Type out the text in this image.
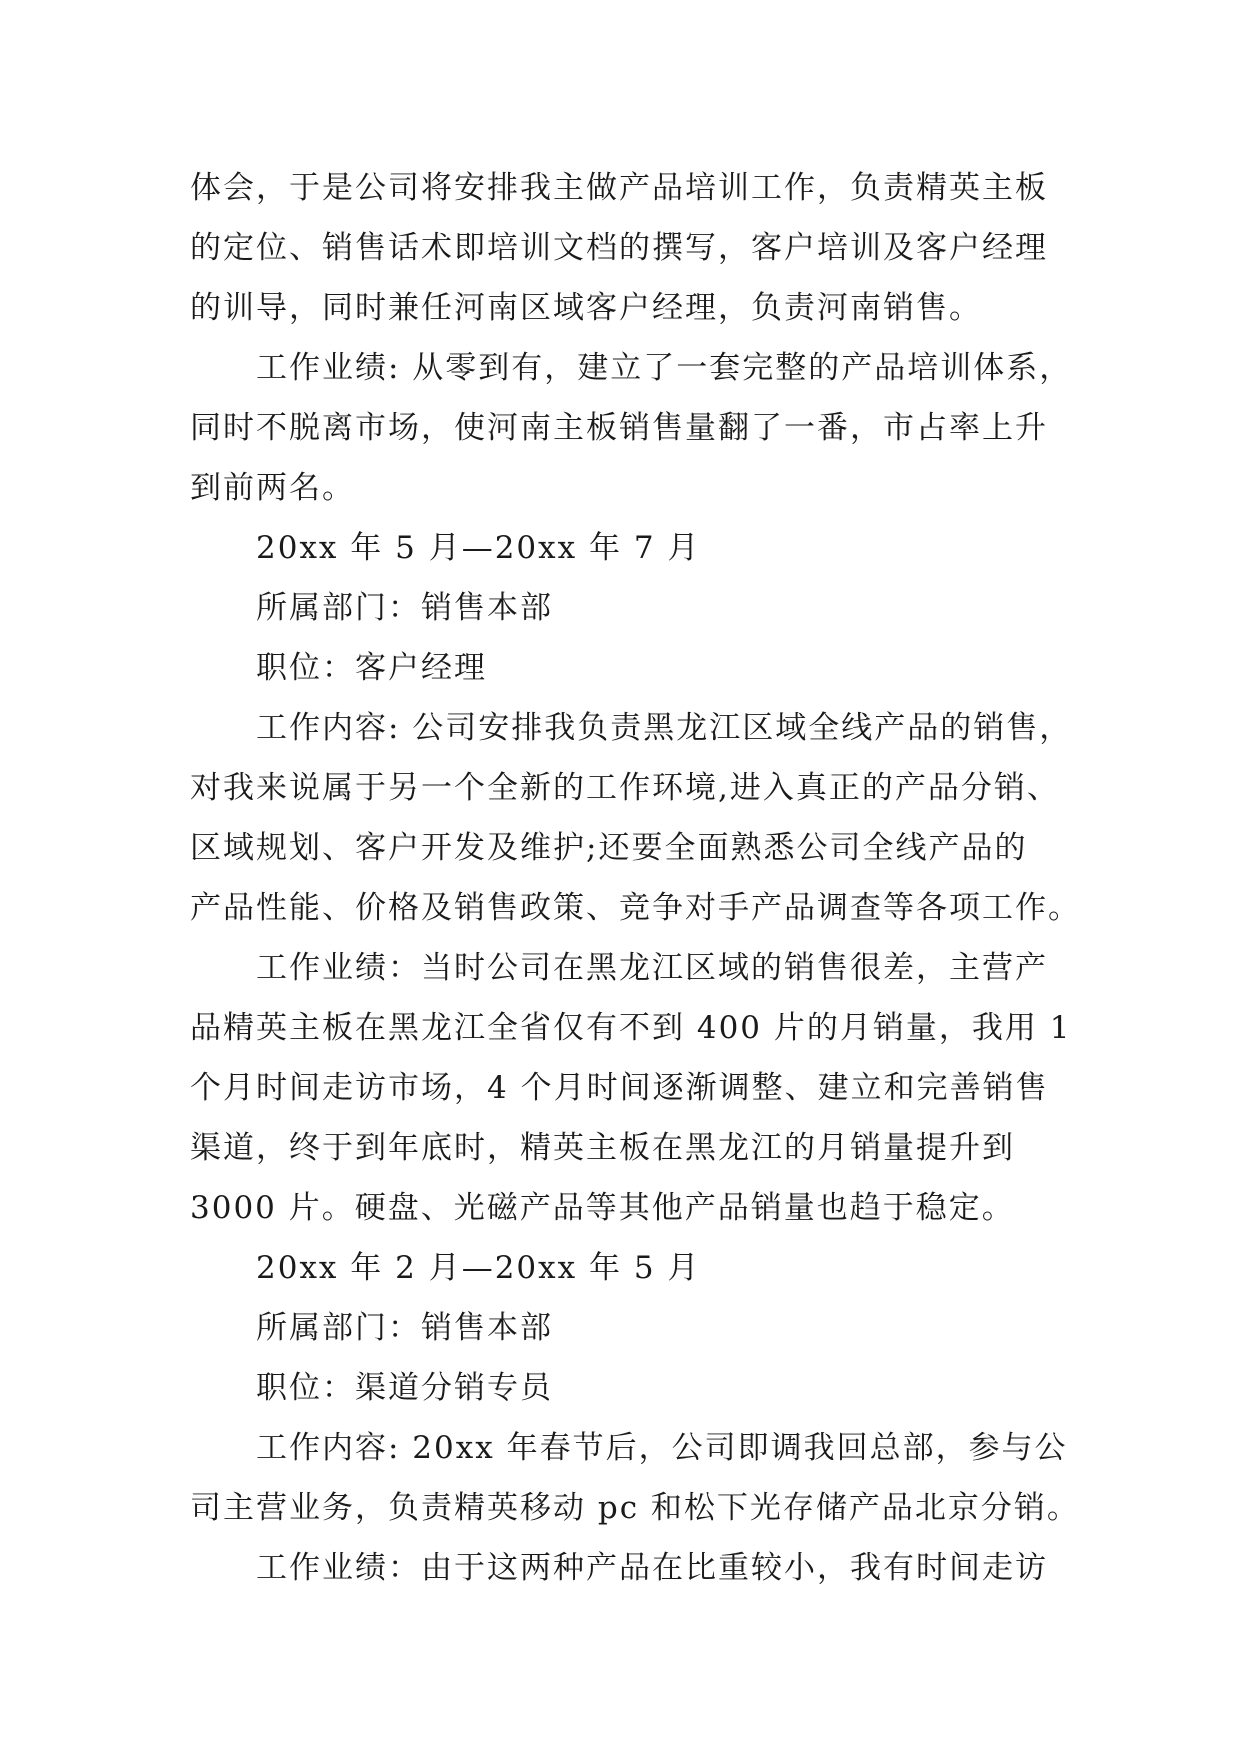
体会，于是公司将安排我主做产品培训工作，负责精英主板
的定位、销售话术即培训文档的撰写，客户培训及客户经理
的训导，同时兼任河南区域客户经理，负责河南销售。
工作业绩: 从零到有，建立了一套完整的产品培训体系，
同时不脱离市场，使河南主板销售量翻了一番，市占率上升
到前两名。
20xx 年 5 月—20xx 年 7 月
所属部门：销售本部
职位：客户经理
工作内容: 公司安排我负责黑龙江区域全线产品的销售，
对我来说属于另一个全新的工作环境,进入真正的产品分销、
区域规划、客户开发及维护;还要全面熟悉公司全线产品的
产品性能、价格及销售政策、竞争对手产品调查等各项工作。
工作业绩：当时公司在黑龙江区域的销售很差，主营产
品精英主板在黑龙江全省仅有不到 400 片的月销量，我用 1
个月时间走访市场，4 个月时间逐渐调整、建立和完善销售
渠道，终于到年底时，精英主板在黑龙江的月销量提升到
3000 片。硬盘、光磁产品等其他产品销量也趋于稳定。
20xx 年 2 月—20xx 年 5 月
所属部门：销售本部
职位：渠道分销专员
工作内容: 20xx 年春节后，公司即调我回总部，参与公
司主营业务，负责精英移动 pc 和松下光存储产品北京分销。
工作业绩：由于这两种产品在比重较小，我有时间走访
